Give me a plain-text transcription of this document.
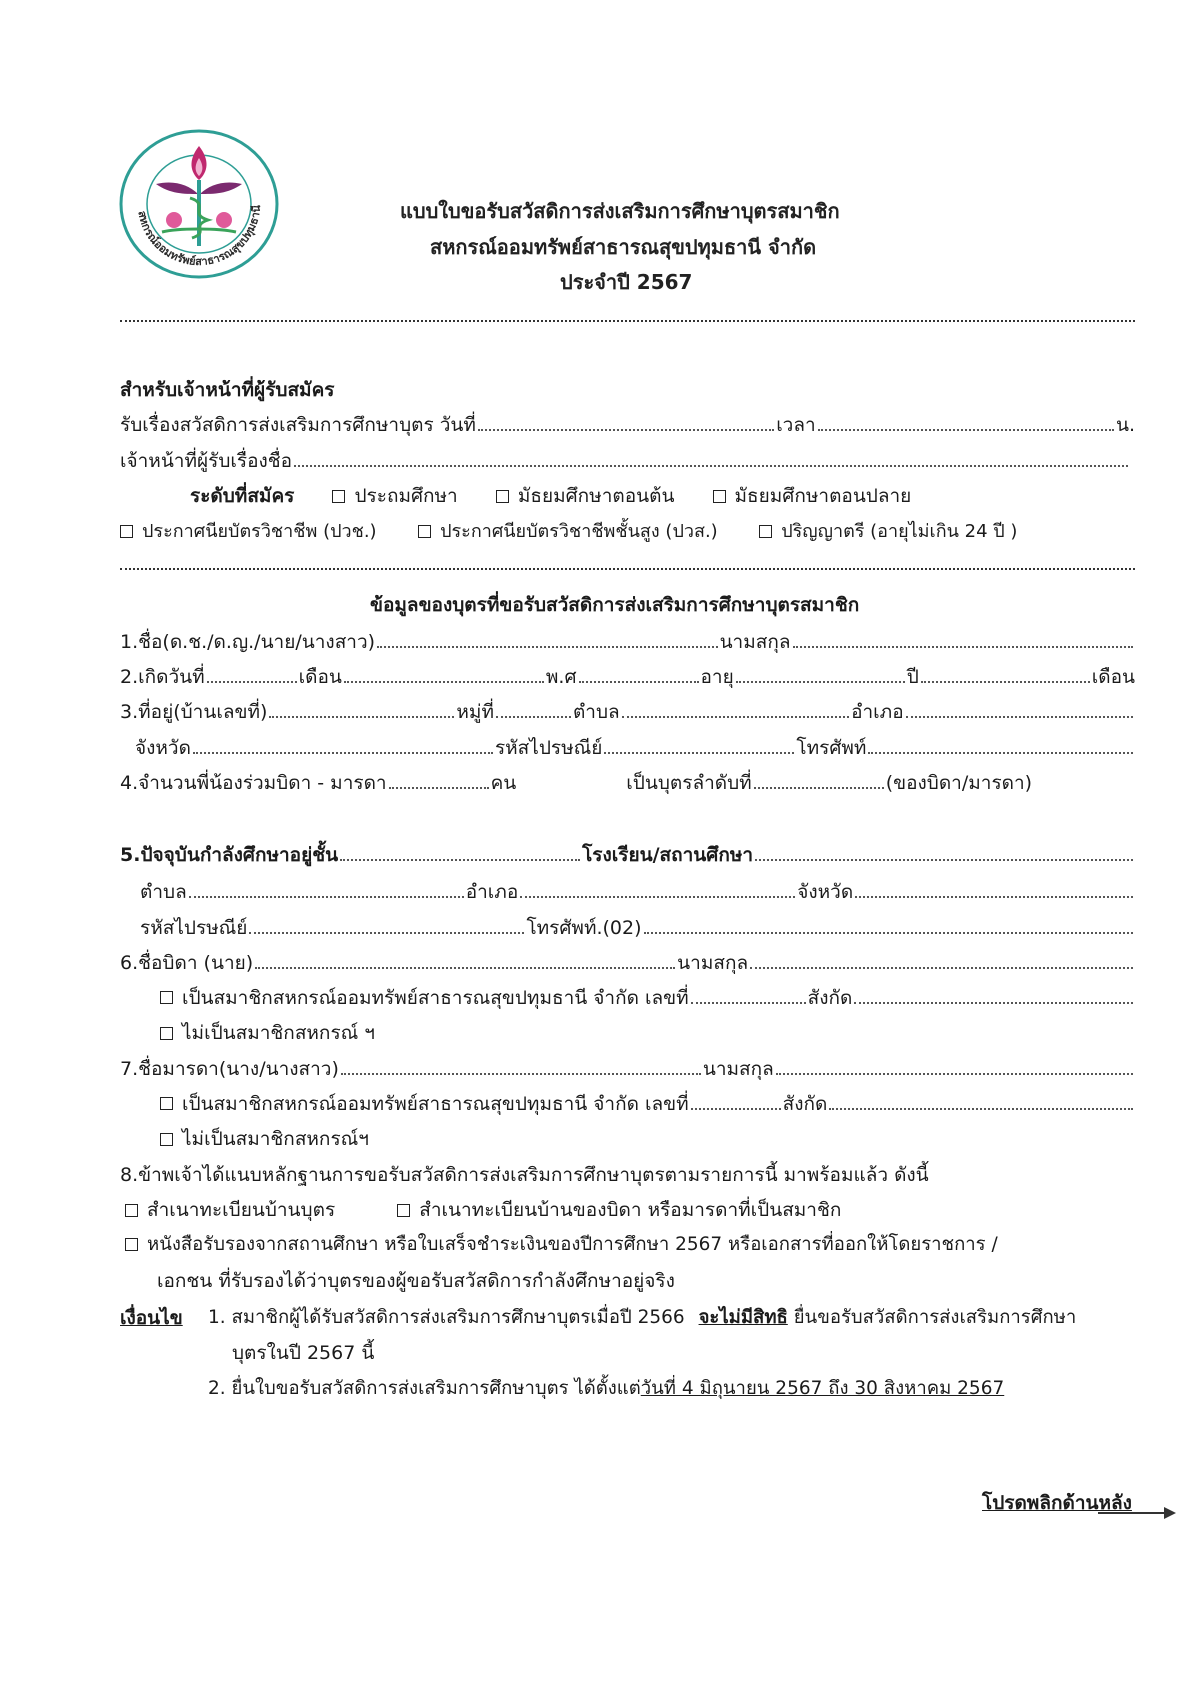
สหกรณ์ออมทรัพย์สาธารณสุขปทุมธานี	แบบใบขอรับสวัสดิการส่งเสริมการศึกษาบุตรสมาชิก
สหกรณ์ออมทรัพย์สาธารณสุขปทุมธานี จำกัด
ประจำปี 2567
สำหรับเจ้าหน้าที่ผู้รับสมัคร
รับเรื่องสวัสดิการส่งเสริมการศึกษาบุตร วันที่	เวลา	น.
เจ้าหน้าที่ผู้รับเรื่องชื่อ
ระดับที่สมัคร	ประถมศึกษา	มัธยมศึกษาตอนต้น	มัธยมศึกษาตอนปลาย
ประกาศนียบัตรวิชาชีพ (ปวช.)	ประกาศนียบัตรวิชาชีพชั้นสูง (ปวส.)	ปริญญาตรี (อายุไม่เกิน 24 ปี )
ข้อมูลของบุตรที่ขอรับสวัสดิการส่งเสริมการศึกษาบุตรสมาชิก
1.ชื่อ(ด.ช./ด.ญ./นาย/นางสาว)	นามสกุล
2.เกิดวันที่	เดือน	พ.ศ	อายุ	ปี	เดือน
3.ที่อยู่(บ้านเลขที่)	หมู่ที่	ตำบล	อำเภอ
จังหวัด	รหัสไปรษณีย์	โทรศัพท์
4.จำนวนพี่น้องร่วมบิดา - มารดา	คน	เป็นบุตรลำดับที่	(ของบิดา/มารดา)
5.ปัจจุบันกำลังศึกษาอยู่ชั้น	โรงเรียน/สถานศึกษา
ตำบล	อำเภอ	จังหวัด
รหัสไปรษณีย์	โทรศัพท์.(02)
6.ชื่อบิดา (นาย)	นามสกุล
เป็นสมาชิกสหกรณ์ออมทรัพย์สาธารณสุขปทุมธานี จำกัด เลขที่	สังกัด
ไม่เป็นสมาชิกสหกรณ์ ฯ
7.ชื่อมารดา(นาง/นางสาว)	นามสกุล
เป็นสมาชิกสหกรณ์ออมทรัพย์สาธารณสุขปทุมธานี จำกัด เลขที่	สังกัด
ไม่เป็นสมาชิกสหกรณ์ฯ
8.ข้าพเจ้าได้แนบหลักฐานการขอรับสวัสดิการส่งเสริมการศึกษาบุตรตามรายการนี้ มาพร้อมแล้ว ดังนี้
สำเนาทะเบียนบ้านบุตร	สำเนาทะเบียนบ้านของบิดา หรือมารดาที่เป็นสมาชิก
หนังสือรับรองจากสถานศึกษา หรือใบเสร็จชำระเงินของปีการศึกษา 2567 หรือเอกสารที่ออกให้โดยราชการ /
เอกชน ที่รับรองได้ว่าบุตรของผู้ขอรับสวัสดิการกำลังศึกษาอยู่จริง
เงื่อนไข 1. สมาชิกผู้ได้รับสวัสดิการส่งเสริมการศึกษาบุตรเมื่อปี 2566 จะไม่มีสิทธิ ยื่นขอรับสวัสดิการส่งเสริมการศึกษา
บุตรในปี 2567 นี้
2. ยื่นใบขอรับสวัสดิการส่งเสริมการศึกษาบุตร ได้ตั้งแต่วันที่ 4 มิถุนายน 2567 ถึง 30 สิงหาคม 2567
โปรดพลิกด้านหลัง
